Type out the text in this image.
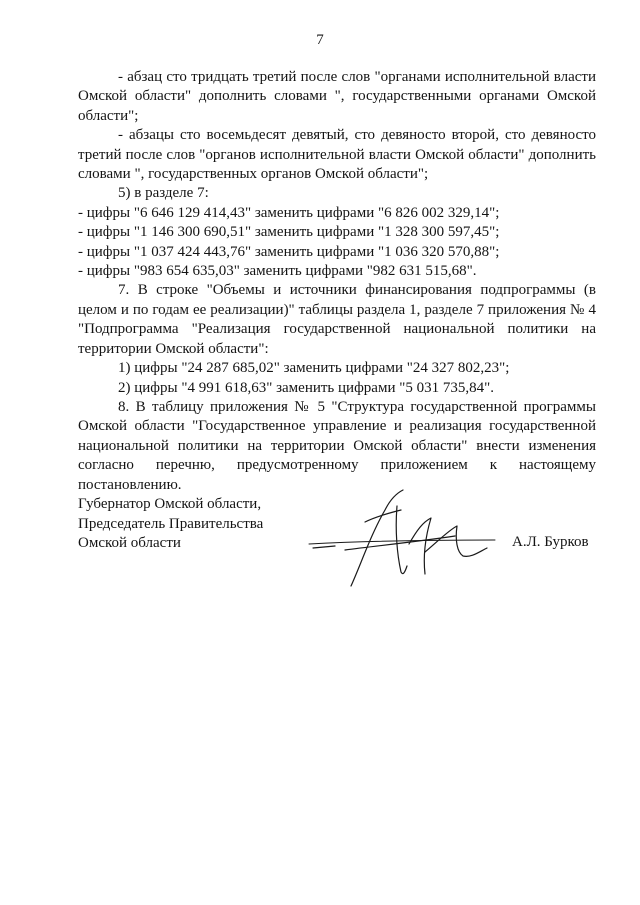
7

- абзац сто тридцать третий после слов "органами исполнительной власти Омской области" дополнить словами ", государственными органами Омской области";

- абзацы сто восемьдесят девятый, сто девяносто второй, сто девяносто третий после слов "органов исполнительной власти Омской области" дополнить словами ", государственных органов Омской области";

5) в разделе 7:

- цифры "6 646 129 414,43" заменить цифрами "6 826 002 329,14";

- цифры "1 146 300 690,51" заменить цифрами "1 328 300 597,45";

- цифры "1 037 424 443,76" заменить цифрами "1 036 320 570,88";

- цифры "983 654 635,03" заменить цифрами "982 631 515,68".

7. В строке "Объемы и источники финансирования подпрограммы (в целом и по годам ее реализации)" таблицы раздела 1, разделе 7 приложения № 4 "Подпрограмма "Реализация государственной национальной политики на территории Омской области":

1) цифры "24 287 685,02" заменить цифрами "24 327 802,23";

2) цифры "4 991 618,63" заменить цифрами "5 031 735,84".

8. В таблицу приложения № 5 "Структура государственной программы Омской области "Государственное управление и реализация государственной национальной политики на территории Омской области" внести изменения согласно перечню, предусмотренному приложением к настоящему постановлению.

Губернатор Омской области,
Председатель Правительства
Омской области	А.Л. Бурков
